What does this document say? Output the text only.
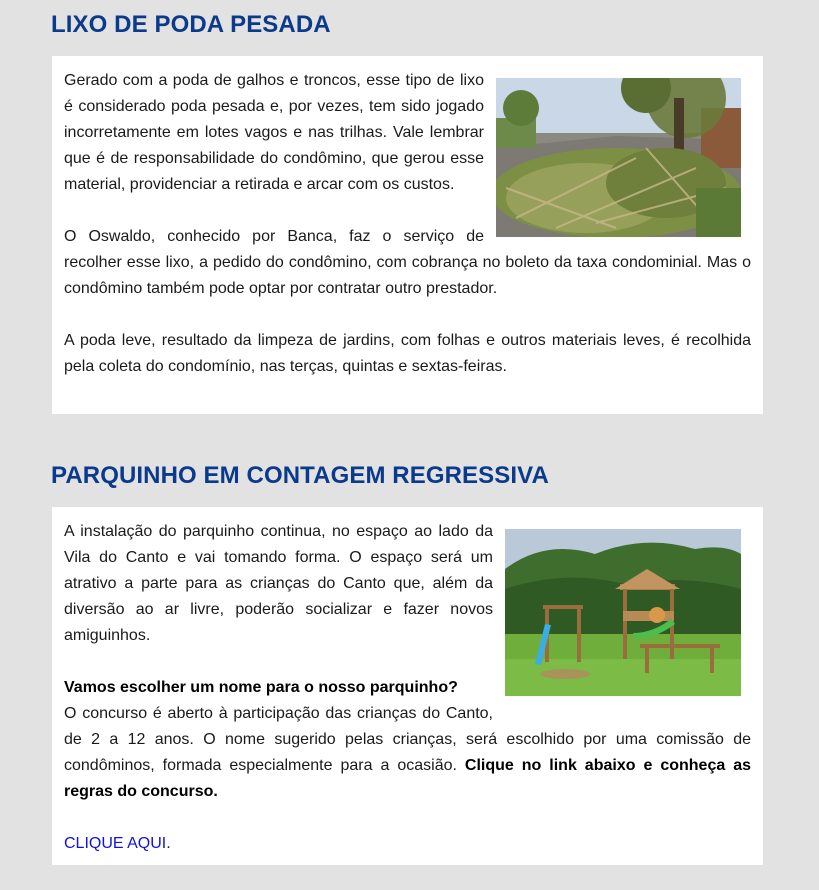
LIXO DE PODA PESADA

Gerado com a poda de galhos e troncos, esse tipo de lixo é considerado poda pesada e, por vezes, tem sido jogado incorretamente em lotes vagos e nas trilhas. Vale lembrar que é de responsabilidade do condômino, que gerou esse material, providenciar a retirada e arcar com os custos.

O Oswaldo, conhecido por Banca, faz o serviço de recolher esse lixo, a pedido do condômino, com cobrança no boleto da taxa condominial. Mas o condômino também pode optar por contratar outro prestador.

A poda leve, resultado da limpeza de jardins, com folhas e outros materiais leves, é recolhida pela coleta do condomínio, nas terças, quintas e sextas-feiras.

PARQUINHO EM CONTAGEM REGRESSIVA

A instalação do parquinho continua, no espaço ao lado da Vila do Canto e vai tomando forma. O espaço será um atrativo a parte para as crianças do Canto que, além da diversão ao ar livre, poderão socializar e fazer novos amiguinhos.

Vamos escolher um nome para o nosso parquinho?
O concurso é aberto à participação das crianças do Canto, de 2 a 12 anos. O nome sugerido pelas crianças, será escolhido por uma comissão de condôminos, formada especialmente para a ocasião. Clique no link abaixo e conheça as regras do concurso.

CLIQUE AQUI.
